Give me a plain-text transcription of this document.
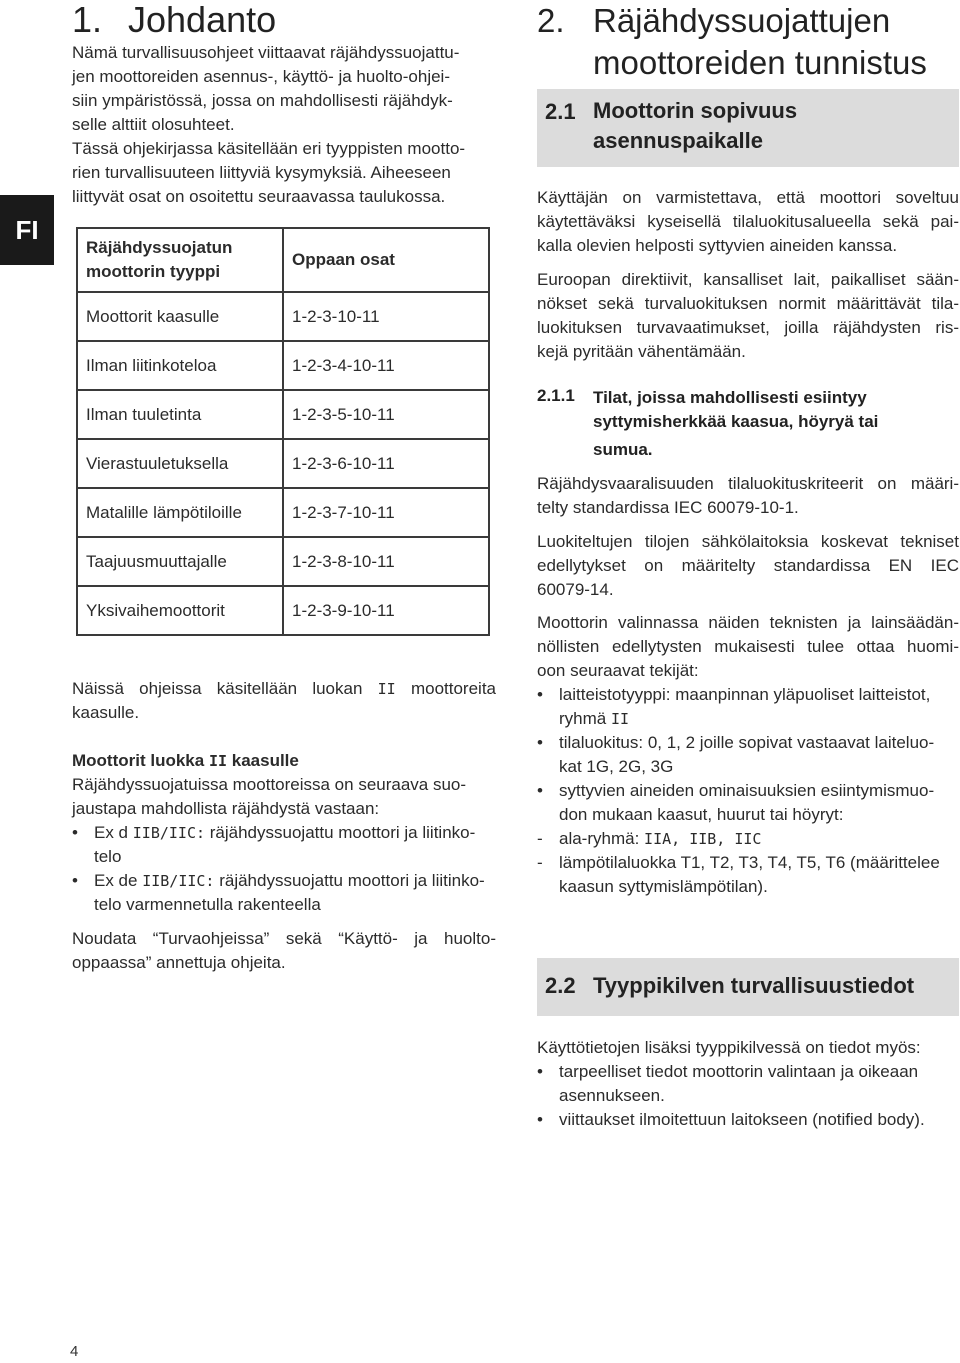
FI
1. Johdanto
Nämä turvallisuusohjeet viittaavat räjähdyssuojattu-
jen moottoreiden asennus-, käyttö- ja huolto-ohjei-
siin ympäristössä, jossa on mahdollisesti räjähdyk-
selle alttiit olosuhteet.
Tässä ohjekirjassa käsitellään eri tyyppisten mootto-
rien turvallisuuteen liittyviä kysymyksiä. Aiheeseen
liittyvät osat on osoitettu seuraavassa taulukossa.
Räjähdyssuojatun
moottorin tyyppi	Oppaan osat
Moottorit kaasulle	1-2-3-10-11
Ilman liitinkoteloa	1-2-3-4-10-11
Ilman tuuletinta	1-2-3-5-10-11
Vierastuuletuksella	1-2-3-6-10-11
Matalille lämpötiloille	1-2-3-7-10-11
Taajuusmuuttajalle	1-2-3-8-10-11
Yksivaihemoottorit	1-2-3-9-10-11
Näissä ohjeissa käsitellään luokan II moottoreita
kaasulle.
Moottorit luokka II kaasulle
Räjähdyssuojatuissa moottoreissa on seuraava suo-
jaustapa mahdollista räjähdystä vastaan:
• Ex d IIB/IIC: räjähdyssuojattu moottori ja liitinko-
telo
• Ex de IIB/IIC: räjähdyssuojattu moottori ja liitinko-
telo varmennetulla rakenteella
Noudata “Turvaohjeissa” sekä “Käyttö- ja huolto-
oppaassa” annettuja ohjeita.
2. Räjähdyssuojattujen
moottoreiden tunnistus
2.1 Moottorin sopivuus
asennuspaikalle
Käyttäjän on varmistettava, että moottori soveltuu
käytettäväksi kyseisellä tilaluokitusalueella sekä pai-
kalla olevien helposti syttyvien aineiden kanssa.
Euroopan direktiivit, kansalliset lait, paikalliset sään-
nökset sekä turvaluokituksen normit määrittävät tila-
luokituksen turvavaatimukset, joilla räjähdysten ris-
kejä pyritään vähentämään.
2.1.1 Tilat, joissa mahdollisesti esiintyy
syttymisherkkää kaasua, höyryä tai
sumua.
Räjähdysvaaralisuuden tilaluokituskriteerit on määri-
telty standardissa IEC 60079-10-1.
Luokiteltujen tilojen sähkölaitoksia koskevat tekniset
edellytykset on määritelty standardissa EN IEC
60079-14.
Moottorin valinnassa näiden teknisten ja lainsäädän-
nöllisten edellytysten mukaisesti tulee ottaa huomi-
oon seuraavat tekijät:
• laitteistotyyppi: maanpinnan yläpuoliset laitteistot,
ryhmä II
• tilaluokitus: 0, 1, 2 joille sopivat vastaavat laiteluo-
kat 1G, 2G, 3G
• syttyvien aineiden ominaisuuksien esiintymismuo-
don mukaan kaasut, huurut tai höyryt:
- ala-ryhmä: IIA, IIB, IIC
- lämpötilaluokka T1, T2, T3, T4, T5, T6 (määrittelee
kaasun syttymislämpötilan).
2.2 Tyyppikilven turvallisuustiedot
Käyttötietojen lisäksi tyyppikilvessä on tiedot myös:
• tarpeelliset tiedot moottorin valintaan ja oikeaan
asennukseen.
• viittaukset ilmoitettuun laitokseen (notified body).
4
